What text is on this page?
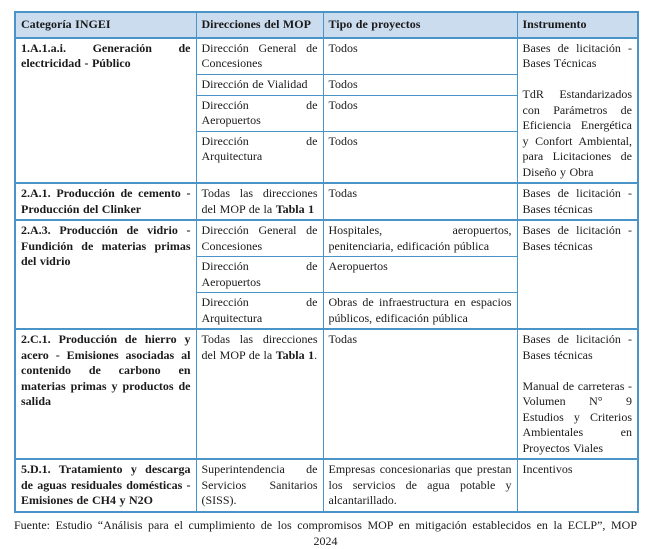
Categoría INGEI	Direcciones del MOP	Tipo de proyectos	Instrumento
1.A.1.a.i. Generación de electricidad - Público	Dirección General de Concesiones	Todos	Bases de licitación - Bases Técnicas
TdR Estandarizados con Parámetros de Eficiencia Energética y Confort Ambiental, para Licitaciones de Diseño y Obra

	Dirección de Vialidad	Todos	
	Dirección de Aeropuertos	Todos	
	Dirección de Arquitectura	Todos	
2.A.1. Producción de cemento - Producción del Clinker	Todas las direcciones del MOP de la Tabla 1	Todas	Bases de licitación - Bases técnicas

2.A.3. Producción de vidrio - Fundición de materias primas del vidrio	Dirección General de Concesiones	Hospitales, aeropuertos, penitenciaria, edificación pública	Bases de licitación - Bases técnicas

	Dirección de Aeropuertos	Aeropuertos	
	Dirección de Arquitectura	Obras de infraestructura en espacios públicos, edificación pública	
2.C.1. Producción de hierro y acero - Emisiones asociadas al contenido de carbono en materias primas y productos de salida	Todas las direcciones del MOP de la Tabla 1.	Todas	Bases de licitación - Bases técnicas
Manual de carreteras - Volumen N° 9 Estudios y Criterios Ambientales en Proyectos Viales

5.D.1. Tratamiento y descarga de aguas residuales domésticas - Emisiones de CH4 y N2O	Superintendencia de Servicios Sanitarios (SISS).	Empresas concesionarias que prestan los servicios de agua potable y alcantarillado.	Incentivos
Fuente: Estudio “Análisis para el cumplimiento de los compromisos MOP en mitigación establecidos en la ECLP”, MOP
2024
